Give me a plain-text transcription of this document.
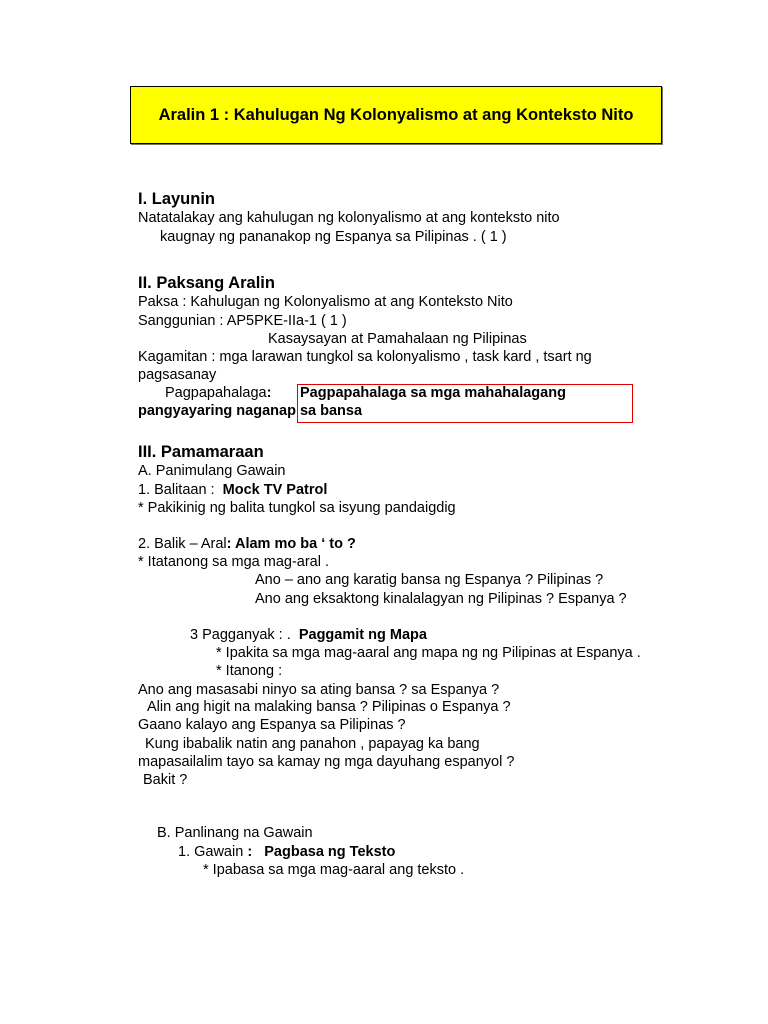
Aralin 1 : Kahulugan Ng Kolonyalismo at ang Konteksto Nito
I. Layunin
Natatalakay ang kahulugan ng kolonyalismo at ang konteksto nito
kaugnay ng pananakop ng Espanya sa Pilipinas . ( 1 )
II. Paksang Aralin
Paksa : Kahulugan ng Kolonyalismo at ang Konteksto Nito
Sanggunian : AP5PKE-IIa-1 ( 1 )
Kasaysayan at Pamahalaan ng Pilipinas
Kagamitan : mga larawan tungkol sa kolonyalismo , task kard , tsart ng
pagsasanay
Pagpapahalaga: Pagpapahalaga sa mga mahahalagang
pangyayaring naganap sa bansa
III. Pamamaraan
A. Panimulang Gawain
1. Balitaan : Mock TV Patrol
* Pakikinig ng balita tungkol sa isyung pandaigdig
2. Balik – Aral: Alam mo ba ‘ to ?
* Itatanong sa mga mag-aral .
Ano – ano ang karatig bansa ng Espanya ? Pilipinas ?
Ano ang eksaktong kinalalagyan ng Pilipinas ? Espanya ?
3 Pagganyak : . Paggamit ng Mapa
* Ipakita sa mga mag-aaral ang mapa ng ng Pilipinas at Espanya .
* Itanong :
Ano ang masasabi ninyo sa ating bansa ? sa Espanya ?
Alin ang higit na malaking bansa ? Pilipinas o Espanya ?
Gaano kalayo ang Espanya sa Pilipinas ?
Kung ibabalik natin ang panahon , papayag ka bang
mapasailalim tayo sa kamay ng mga dayuhang espanyol ?
Bakit ?
B. Panlinang na Gawain
1. Gawain : Pagbasa ng Teksto
* Ipabasa sa mga mag-aaral ang teksto .
